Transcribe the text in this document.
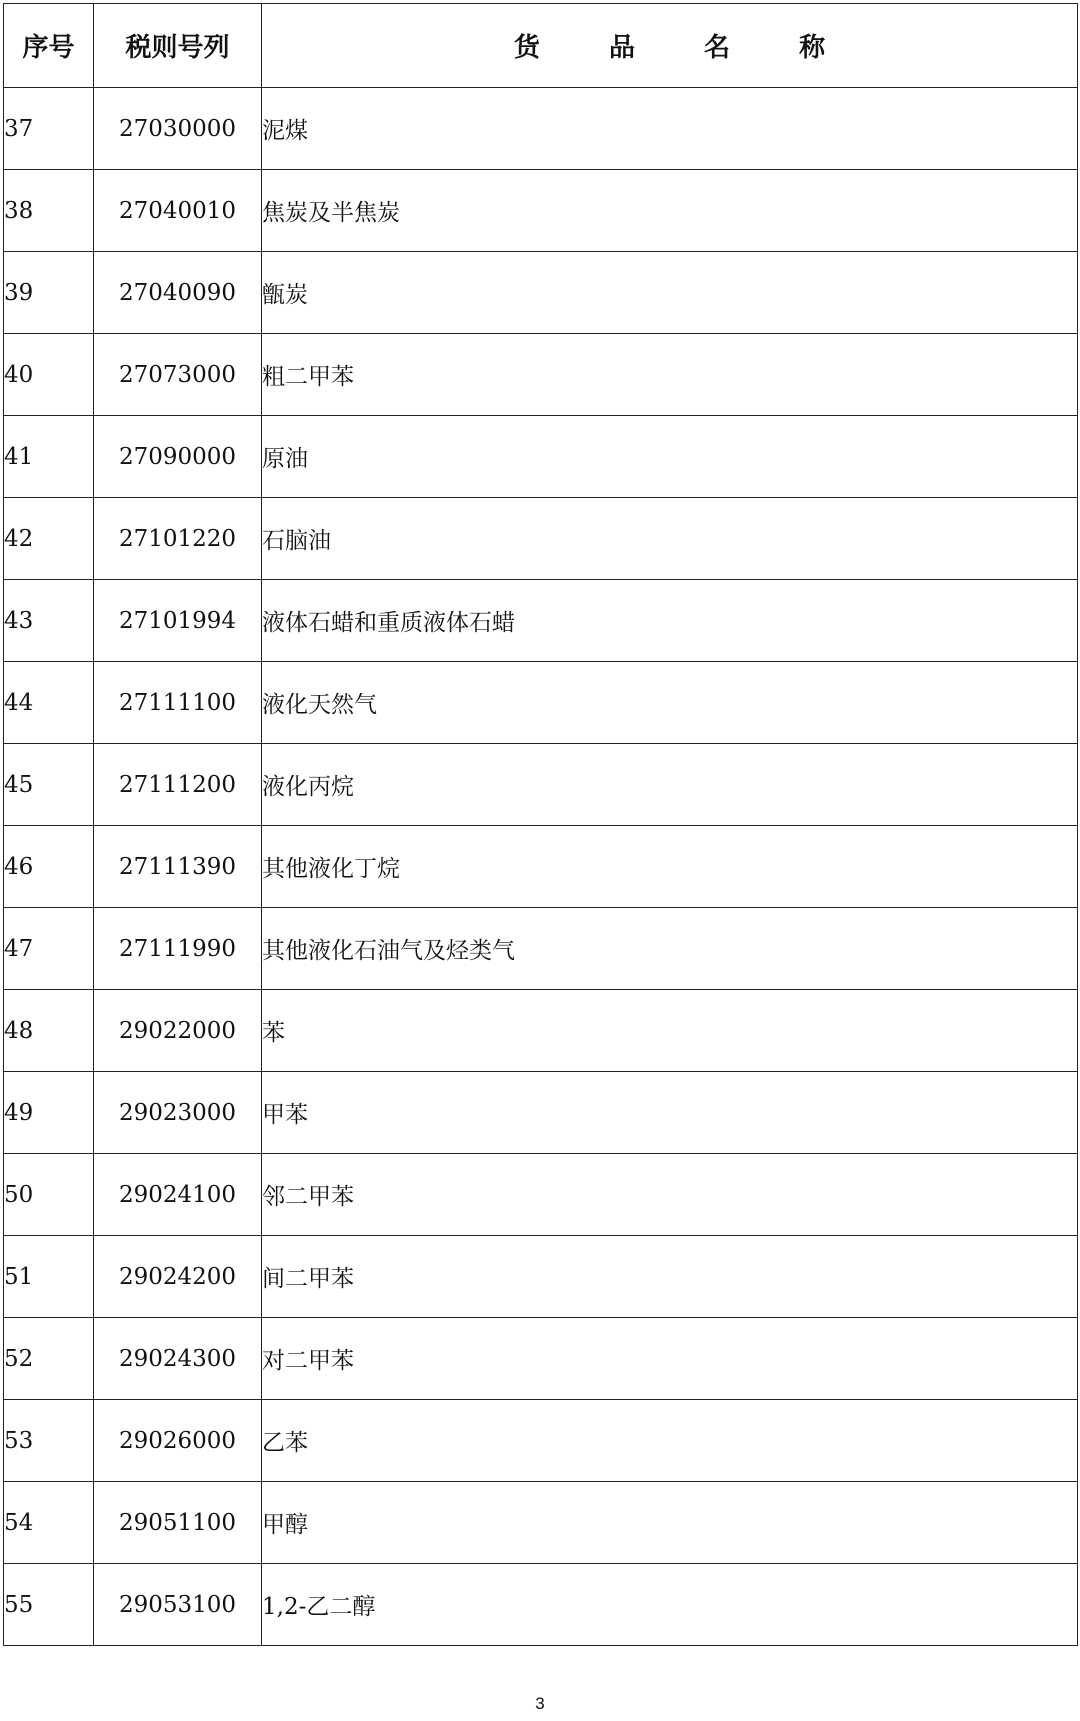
序号	税则号列	货 品 名 称
37	27030000	泥煤
38	27040010	焦炭及半焦炭
39	27040090	甑炭
40	27073000	粗二甲苯
41	27090000	原油
42	27101220	石脑油
43	27101994	液体石蜡和重质液体石蜡
44	27111100	液化天然气
45	27111200	液化丙烷
46	27111390	其他液化丁烷
47	27111990	其他液化石油气及烃类气
48	29022000	苯
49	29023000	甲苯
50	29024100	邻二甲苯
51	29024200	间二甲苯
52	29024300	对二甲苯
53	29026000	乙苯
54	29051100	甲醇
55	29053100	1,2-乙二醇
3
